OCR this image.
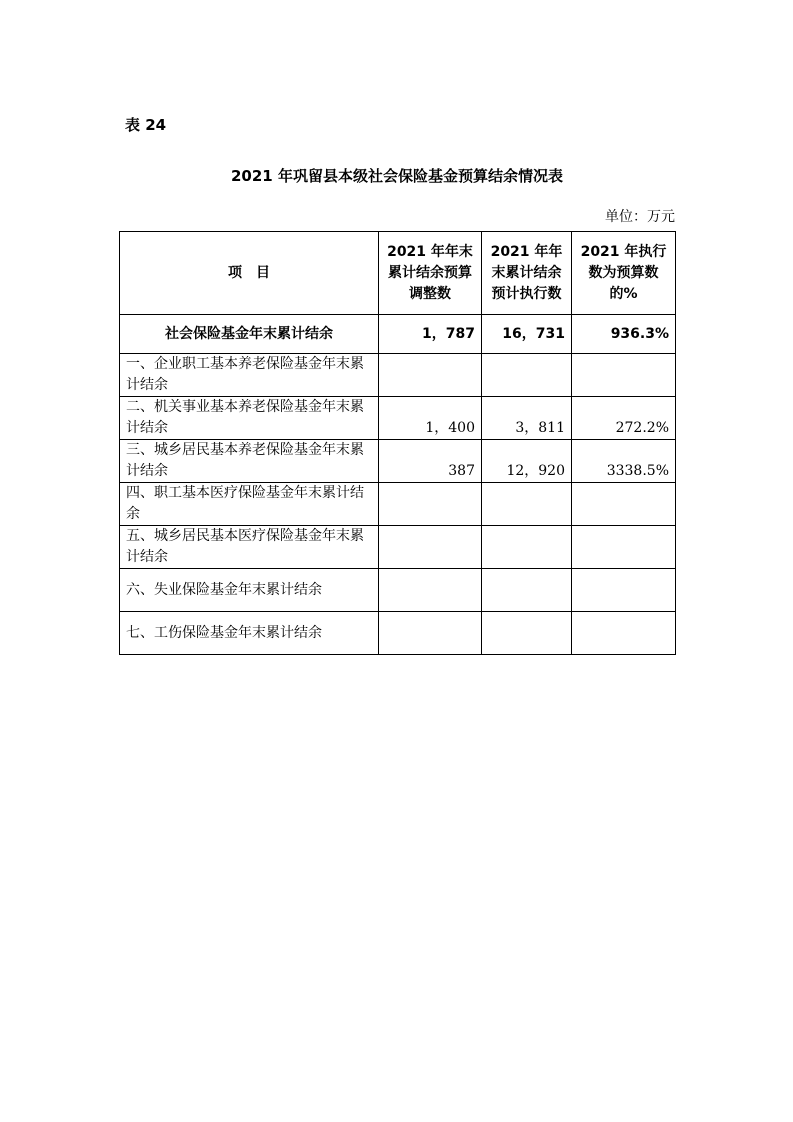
表 24
2021 年巩留县本级社会保险基金预算结余情况表
单位：万元
项　目	2021 年年末累计结余预算调整数	2021 年年末累计结余预计执行数	2021 年执行数为预算数的%
社会保险基金年末累计结余	1，787	16，731	936.3%
一、企业职工基本养老保险基金年末累计结余			
二、机关事业基本养老保险基金年末累计结余	1，400	3，811	272.2%
三、城乡居民基本养老保险基金年末累计结余	387	12，920	3338.5%
四、职工基本医疗保险基金年末累计结余			
五、城乡居民基本医疗保险基金年末累计结余			
六、失业保险基金年末累计结余			
七、工伤保险基金年末累计结余			
